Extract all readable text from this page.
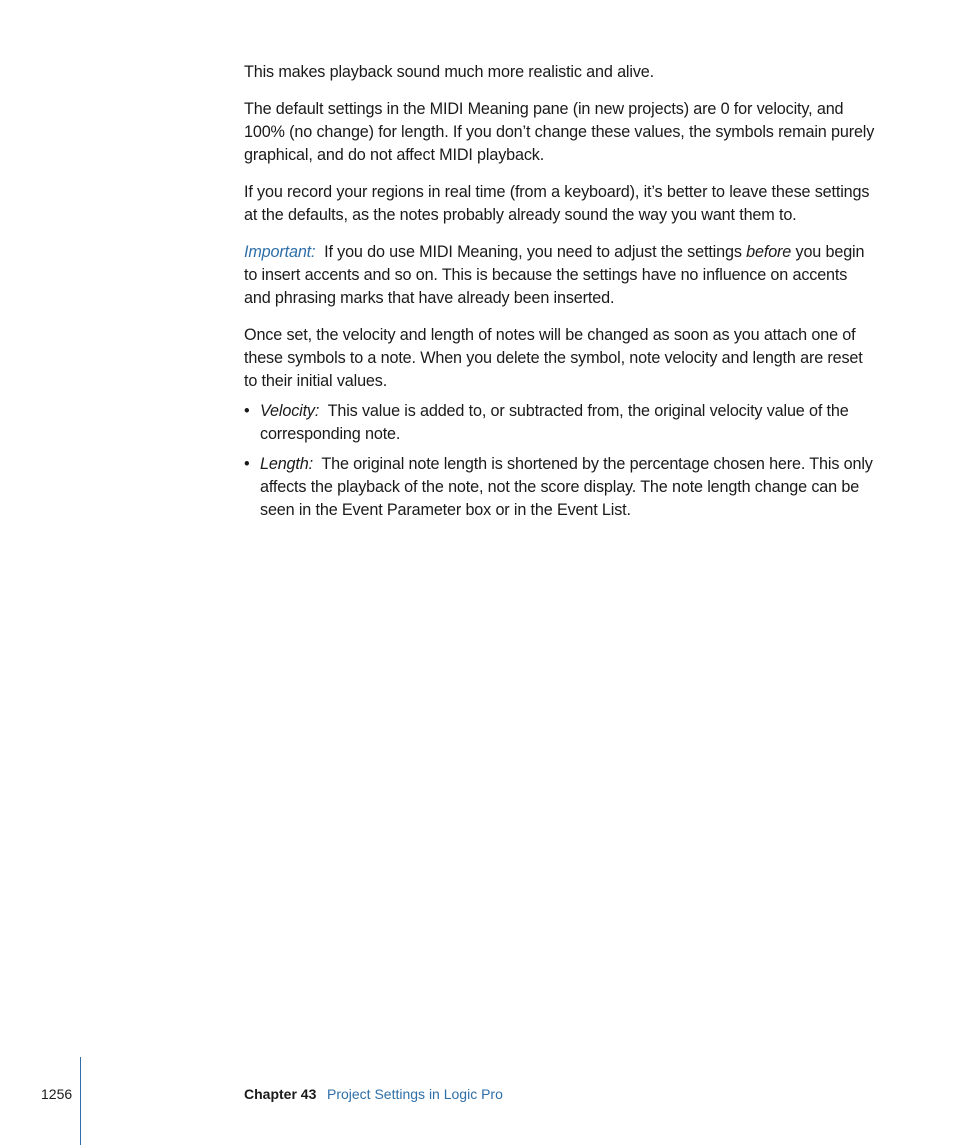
This makes playback sound much more realistic and alive.

The default settings in the MIDI Meaning pane (in new projects) are 0 for velocity, and 100% (no change) for length. If you don’t change these values, the symbols remain purely graphical, and do not affect MIDI playback.

If you record your regions in real time (from a keyboard), it’s better to leave these settings at the defaults, as the notes probably already sound the way you want them to.

Important: If you do use MIDI Meaning, you need to adjust the settings before you begin to insert accents and so on. This is because the settings have no influence on accents and phrasing marks that have already been inserted.

Once set, the velocity and length of notes will be changed as soon as you attach one of these symbols to a note. When you delete the symbol, note velocity and length are reset to their initial values.

• Velocity: This value is added to, or subtracted from, the original velocity value of the corresponding note.
• Length: The original note length is shortened by the percentage chosen here. This only affects the playback of the note, not the score display. The note length change can be seen in the Event Parameter box or in the Event List.
1256	Chapter 43 Project Settings in Logic Pro
